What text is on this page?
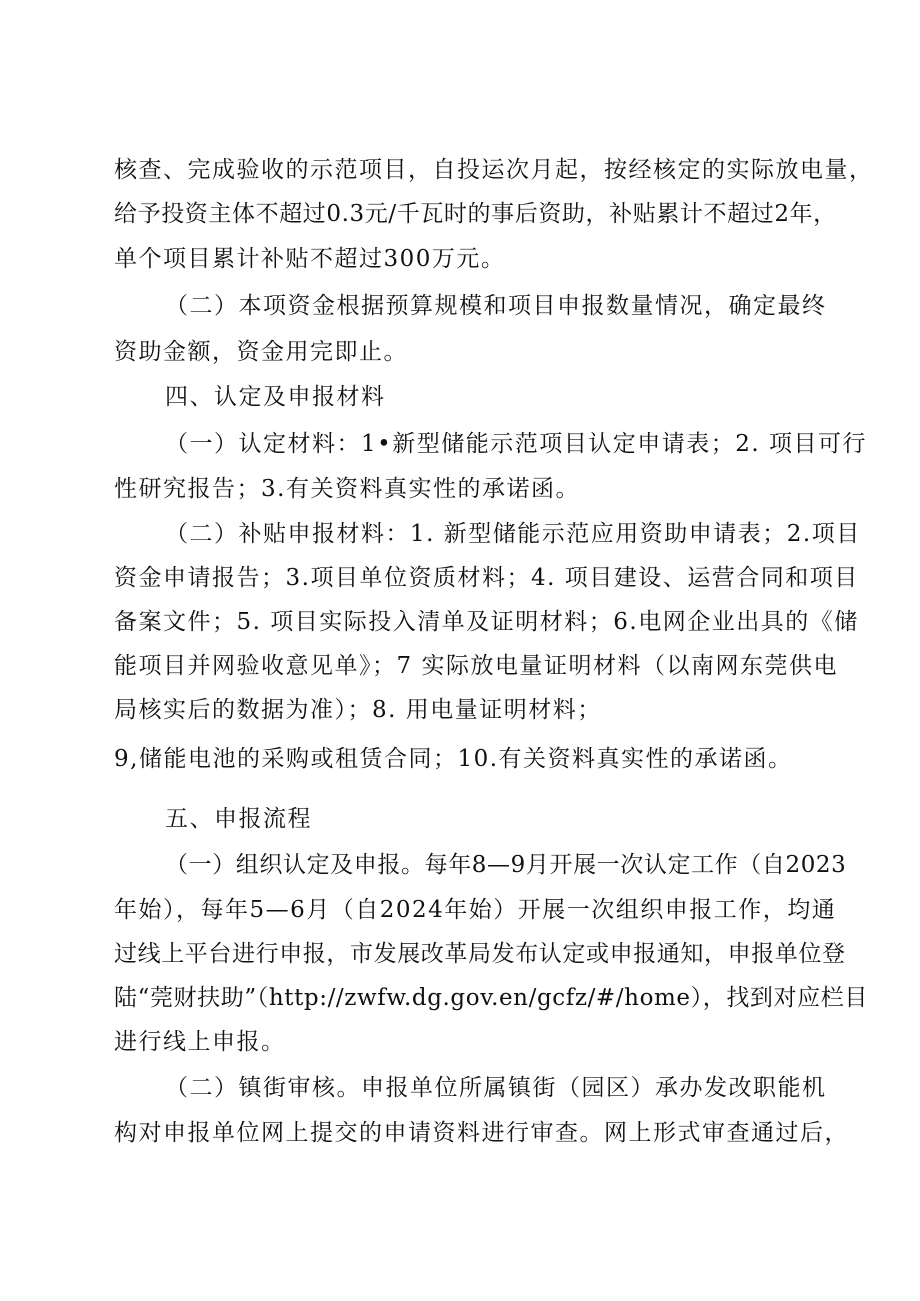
核查、完成验收的示范项目，自投运次月起，按经核定的实际放电量，
给予投资主体不超过0.3元/千瓦时的事后资助，补贴累计不超过2年，
单个项目累计补贴不超过300万元。
（二）本项资金根据预算规模和项目申报数量情况，确定最终
资助金额，资金用完即止。
四、认定及申报材料
（一）认定材料：1•新型储能示范项目认定申请表；2. 项目可行
性研究报告；3.有关资料真实性的承诺函。
（二）补贴申报材料：1. 新型储能示范应用资助申请表；2.项目
资金申请报告；3.项目单位资质材料；4. 项目建设、运营合同和项目
备案文件；5. 项目实际投入清单及证明材料；6.电网企业出具的《储
能项目并网验收意见单》；7 实际放电量证明材料（以南网东莞供电
局核实后的数据为准）；8. 用电量证明材料；
9,储能电池的采购或租赁合同；10.有关资料真实性的承诺函。
五、申报流程
（一）组织认定及申报。每年8—9月开展一次认定工作（自2023
年始），每年5—6月（自2024年始）开展一次组织申报工作，均通
过线上平台进行申报，市发展改革局发布认定或申报通知，申报单位登
陆“莞财扶助”（http://zwfw.dg.gov.en/gcfz/#/home），找到对应栏目
进行线上申报。
（二）镇街审核。申报单位所属镇街（园区）承办发改职能机
构对申报单位网上提交的申请资料进行审查。网上形式审查通过后，
